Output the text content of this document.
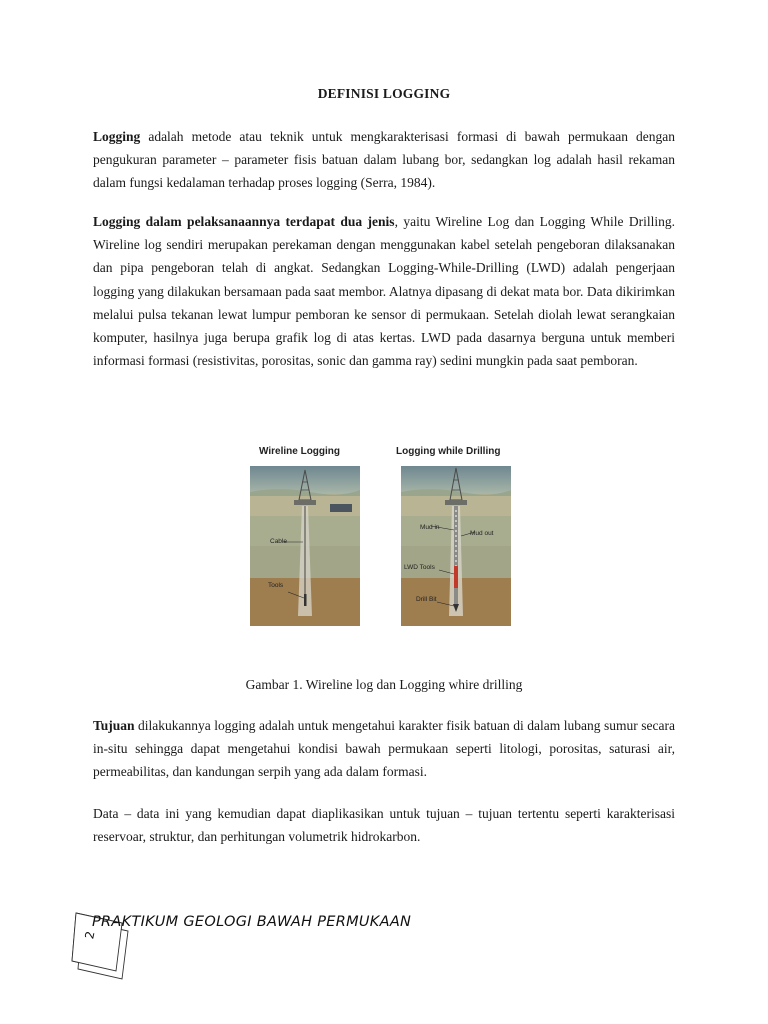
DEFINISI LOGGING

Logging adalah metode atau teknik untuk mengkarakterisasi formasi di bawah permukaan dengan pengukuran parameter – parameter fisis batuan dalam lubang bor, sedangkan log adalah hasil rekaman dalam fungsi kedalaman terhadap proses logging (Serra, 1984).

Logging dalam pelaksanaannya terdapat dua jenis, yaitu Wireline Log dan Logging While Drilling. Wireline log sendiri merupakan perekaman dengan menggunakan kabel setelah pengeboran dilaksanakan dan pipa pengeboran telah di angkat. Sedangkan Logging-While-Drilling (LWD) adalah pengerjaan logging yang dilakukan bersamaan pada saat membor. Alatnya dipasang di dekat mata bor. Data dikirimkan melalui pulsa tekanan lewat lumpur pemboran ke sensor di permukaan. Setelah diolah lewat serangkaian komputer, hasilnya juga berupa grafik log di atas kertas. LWD pada dasarnya berguna untuk memberi informasi formasi (resistivitas, porositas, sonic dan gamma ray) sedini mungkin pada saat pemboran.

Wireline Logging	Logging while Drilling
Cable
Tools
Mud in
Mud out
LWD Tools
Drill Bit
Gambar 1. Wireline log dan Logging whire drilling

Tujuan dilakukannya logging adalah untuk mengetahui karakter fisik batuan di dalam lubang sumur secara in-situ sehingga dapat mengetahui kondisi bawah permukaan seperti litologi, porositas, saturasi air, permeabilitas, dan kandungan serpih yang ada dalam formasi.

Data – data ini yang kemudian dapat diaplikasikan untuk tujuan – tujuan tertentu seperti karakterisasi reservoar, struktur, dan perhitungan volumetrik hidrokarbon.

2
PRAKTIKUM GEOLOGI BAWAH PERMUKAAN
